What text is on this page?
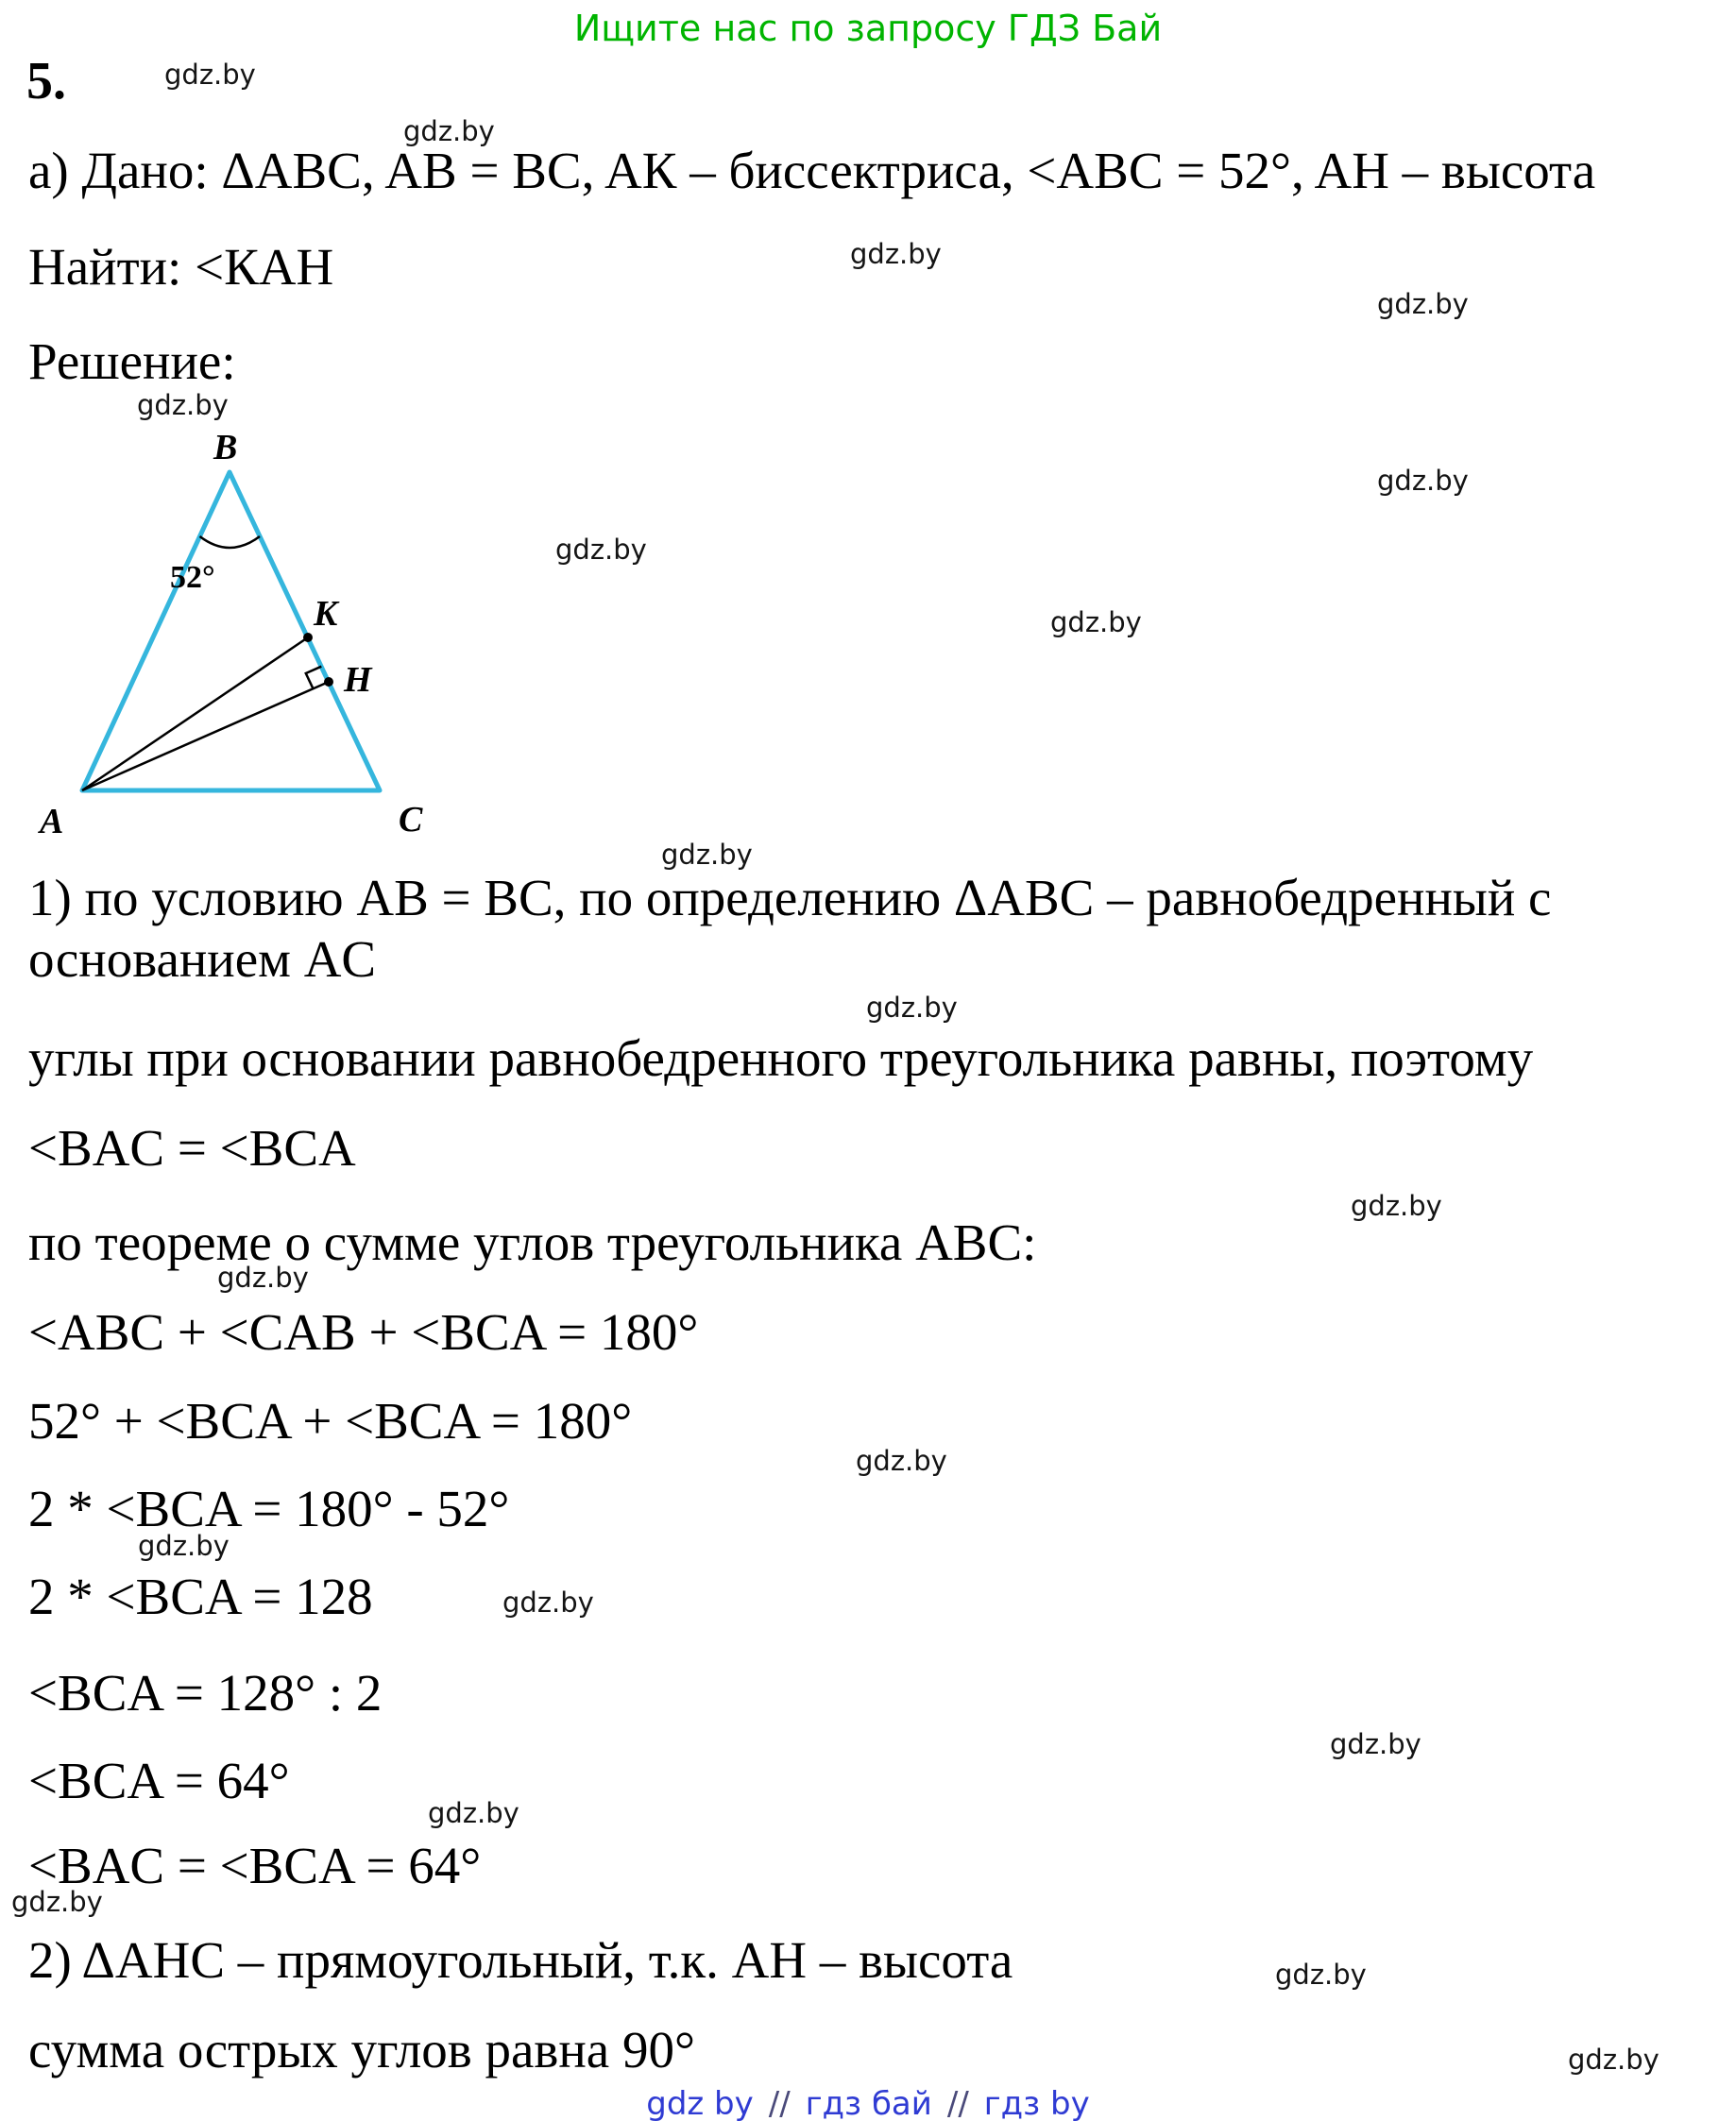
Ищите нас по запросу ГДЗ Бай
5.
а) Дано: ΔABC, AB = BC, AК – биссектриса, <ABC = 52°, AН – высота
Найти: <КАН
Решение:
B
A	C
K
H
52°
1) по условию AB = BC, по определению ΔABC – равнобедренный с
основанием AC
углы при основании равнобедренного треугольника равны, поэтому
<BAC = <BCA
по теореме о сумме углов треугольника ABC:
<ABC + <CAB + <BCA = 180°
52° + <BCA + <BCA = 180°
2 * <BCA = 180° - 52°
2 * <BCA = 128
<BCA = 128° : 2
<BCA = 64°
<BAC = <BCA = 64°
2) ΔАНС – прямоугольный, т.к. АН – высота
сумма острых углов равна 90°
gdz.by
gdz.by
gdz.by
gdz.by
gdz.by
gdz.by
gdz.by
gdz.by
gdz.by
gdz.by
gdz.by
gdz.by
gdz.by
gdz.by
gdz.by
gdz.by
gdz.by
gdz.by
gdz.by
gdz.by
gdz by // гдз бай // гдз by
